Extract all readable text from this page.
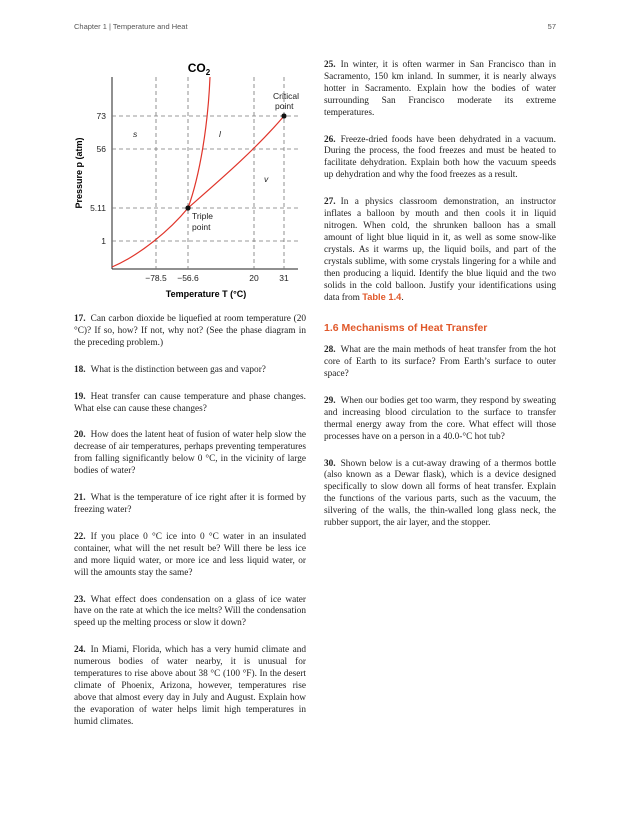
Chapter 1 | Temperature and Heat	57
$CO_2$
73
56
5.11
1
−78.5 −56.6	20 31
s	l
v
Critical
point
Triple
point
Temperature T (°C)
Pressure p (atm)
17. Can carbon dioxide be liquefied at room temperature (20 °C)? If so, how? If not, why not? (See the phase diagram in the preceding problem.)
18. What is the distinction between gas and vapor?
19. Heat transfer can cause temperature and phase changes. What else can cause these changes?
20. How does the latent heat of fusion of water help slow the decrease of air temperatures, perhaps preventing temperatures from falling significantly below 0 °C, in the vicinity of large bodies of water?
21. What is the temperature of ice right after it is formed by freezing water?
22. If you place 0 °C ice into 0 °C water in an insulated container, what will the net result be? Will there be less ice and more liquid water, or more ice and less liquid water, or will the amounts stay the same?
23. What effect does condensation on a glass of ice water have on the rate at which the ice melts? Will the condensation speed up the melting process or slow it down?
24. In Miami, Florida, which has a very humid climate and numerous bodies of water nearby, it is unusual for temperatures to rise above about 38 °C (100 °F). In the desert climate of Phoenix, Arizona, however, temperatures rise above that almost every day in July and August. Explain how the evaporation of water helps limit high temperatures in humid climates.
25. In winter, it is often warmer in San Francisco than in Sacramento, 150 km inland. In summer, it is nearly always hotter in Sacramento. Explain how the bodies of water surrounding San Francisco moderate its extreme temperatures.
26. Freeze-dried foods have been dehydrated in a vacuum. During the process, the food freezes and must be heated to facilitate dehydration. Explain both how the vacuum speeds up dehydration and why the food freezes as a result.
27. In a physics classroom demonstration, an instructor inflates a balloon by mouth and then cools it in liquid nitrogen. When cold, the shrunken balloon has a small amount of light blue liquid in it, as well as some snow-like crystals. As it warms up, the liquid boils, and part of the crystals sublime, with some crystals lingering for a while and then producing a liquid. Identify the blue liquid and the two solids in the cold balloon. Justify your identifications using data from Table 1.4.
1.6 Mechanisms of Heat Transfer
28. What are the main methods of heat transfer from the hot core of Earth to its surface? From Earth’s surface to outer space?
29. When our bodies get too warm, they respond by sweating and increasing blood circulation to the surface to transfer thermal energy away from the core. What effect will those processes have on a person in a 40.0-°C hot tub?
30. Shown below is a cut-away drawing of a thermos bottle (also known as a Dewar flask), which is a device designed specifically to slow down all forms of heat transfer. Explain the functions of the various parts, such as the vacuum, the silvering of the walls, the thin-walled long glass neck, the rubber support, the air layer, and the stopper.
